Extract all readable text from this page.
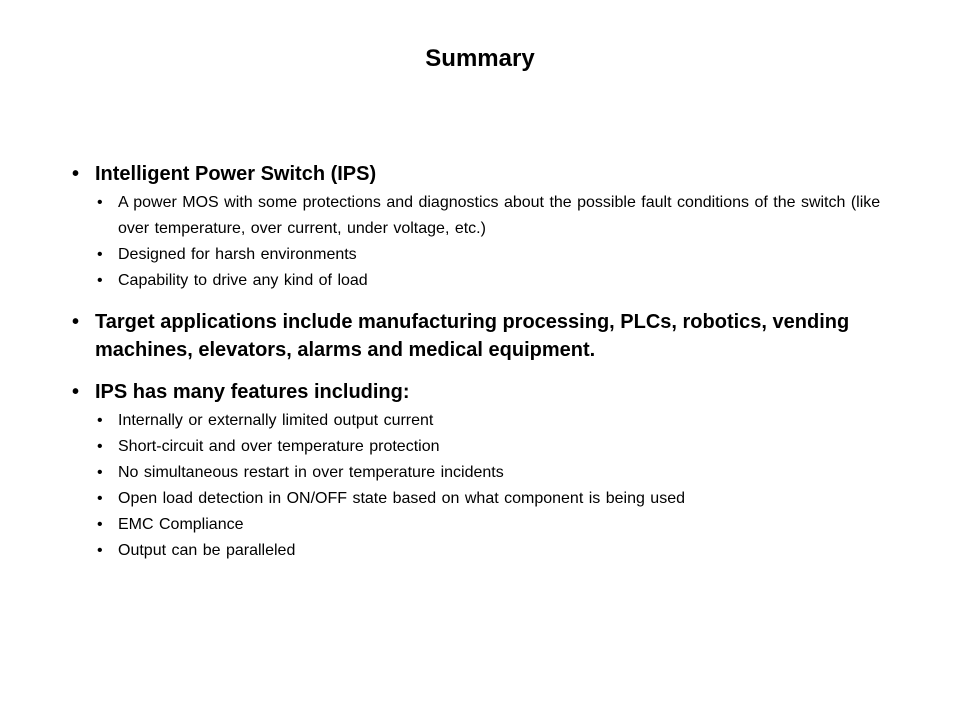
Summary
• Intelligent Power Switch (IPS)
• A power MOS with some protections and diagnostics about the possible fault conditions of the switch (like over temperature, over current, under voltage, etc.)
• Designed for harsh environments
• Capability to drive any kind of load
• Target applications include manufacturing processing, PLCs, robotics, vending machines, elevators, alarms and medical equipment.
• IPS has many features including:
• Internally or externally limited output current
• Short-circuit and over temperature protection
• No simultaneous restart in over temperature incidents
• Open load detection in ON/OFF state based on what component is being used
• EMC Compliance
• Output can be paralleled
